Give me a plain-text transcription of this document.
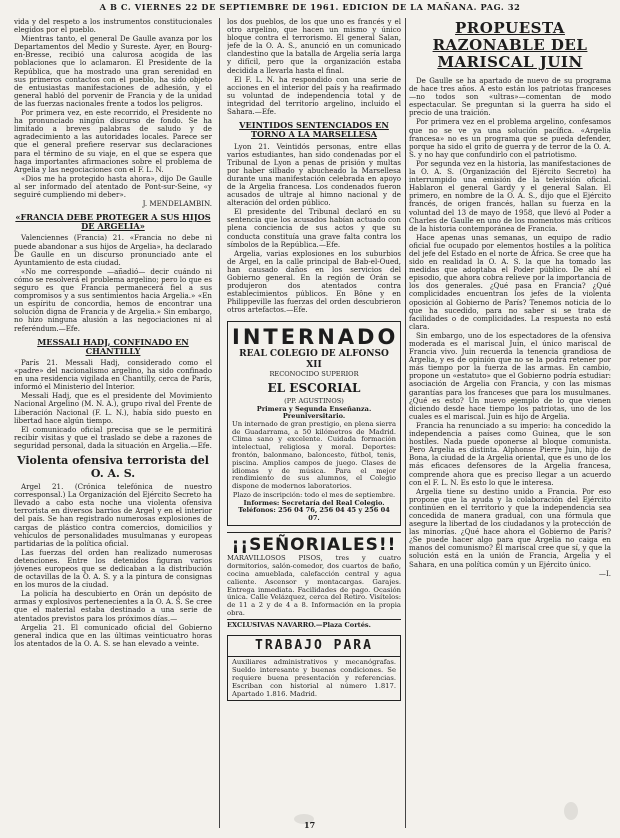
A B C. VIERNES 22 DE SEPTIEMBRE DE 1961. EDICION DE LA MAÑANA. PAG. 32

vida y del respeto a los instrumentos constitucionales elegidos por el pueblo.

Mientras tanto, el general De Gaulle avanza por los Departamentos del Medio y Sureste. Ayer, en Bourg-en-Bresse, recibió una calurosa acogida de las poblaciones que lo aclamaron. El Presidente de la República, que ha mostrado una gran serenidad en sus primeros contactos con el pueblo, ha sido objeto de entusiastas manifestaciones de adhesión, y el general habló del porvenir de Francia y de la unidad de las fuerzas nacionales frente a todos los peligros.

Por primera vez, en este recorrido, el Presidente no ha pronunciado ningún discurso de fondo. Se ha limitado a breves palabras de saludo y de agradecimiento a las autoridades locales. Parece ser que el general prefiere reservar sus declaraciones para el término de su viaje, en el que se espera que haga importantes afirmaciones sobre el problema de Argelia y las negociaciones con el F. L. N.

«Dios me ha protegido hasta ahora», dijo De Gaulle al ser informado del atentado de Pont-sur-Seine, «y seguiré cumpliendo mi deber».

J. MENDELAMBIN.
«FRANCIA DEBE PROTEGER A SUS HIJOS DE ARGELIA»

Valenciennes (Francia) 21. «Francia no debe ni puede abandonar a sus hijos de Argelia», ha declarado De Gaulle en un discurso pronunciado ante el Ayuntamiento de esta ciudad.

«No me corresponde —añadió— decir cuándo ni cómo se resolverá el problema argelino; pero lo que es seguro es que Francia permanecerá fiel a sus compromisos y a sus sentimientos hacia Argelia.» «En un espíritu de concordia, hemos de encontrar una solución digna de Francia y de Argelia.» Sin embargo, no hizo ninguna alusión a las negociaciones ni al referéndum.—Efe.

MESSALI HADJ, CONFINADO EN CHANTILLY

París 21. Messali Hadj, considerado como el «padre» del nacionalismo argelino, ha sido confinado en una residencia vigilada en Chantilly, cerca de París, informó el Ministerio del Interior.

Messali Hadj, que es el presidente del Movimiento Nacional Argelino (M. N. A.), grupo rival del Frente de Liberación Nacional (F. L. N.), había sido puesto en libertad hace algún tiempo.

El comunicado oficial precisa que se le permitirá recibir visitas y que el traslado se debe a razones de seguridad personal, dada la situación en Argelia.—Efe.

Violenta ofensiva terrorista del O. A. S.

Argel 21. (Crónica telefónica de nuestro corresponsal.) La Organización del Ejército Secreto ha llevado a cabo esta noche una violenta ofensiva terrorista en diversos barrios de Argel y en el interior del país. Se han registrado numerosas explosiones de cargas de plástico contra comercios, domicilios y vehículos de personalidades musulmanas y europeas partidarias de la política oficial.

Las fuerzas del orden han realizado numerosas detenciones. Entre los detenidos figuran varios jóvenes europeos que se dedicaban a la distribución de octavillas de la O. A. S. y a la pintura de consignas en los muros de la ciudad.

La policía ha descubierto en Orán un depósito de armas y explosivos pertenecientes a la O. A. S. Se cree que el material estaba destinado a una serie de atentados previstos para los próximos días.—

Argelia 21. El comunicado oficial del Gobierno general indica que en las últimas veinticuatro horas los atentados de la O. A. S. se han elevado a veinte.

los dos pueblos, de los que uno es francés y el otro argelino, que hacen un mismo y único bloque contra el terrorismo. El general Salan, jefe de la O. A. S., anunció en un comunicado clandestino que la batalla de Argelia sería larga y difícil, pero que la organización estaba decidida a llevarla hasta el final.

El F. L. N. ha respondido con una serie de acciones en el interior del país y ha reafirmado su voluntad de independencia total y de integridad del territorio argelino, incluido el Sahara.—Efe.

VEINTIDOS SENTENCIADOS EN TORNO A LA MARSELLESA

Lyon 21. Veintidós personas, entre ellas varios estudiantes, han sido condenadas por el Tribunal de Lyon a penas de prisión y multas por haber silbado y abucheado la Marsellesa durante una manifestación celebrada en apoyo de la Argelia francesa. Los condenados fueron acusados de ultraje al himno nacional y de alteración del orden público.

El presidente del Tribunal declaró en su sentencia que los acusados habían actuado con plena conciencia de sus actos y que su conducta constituía una grave falta contra los símbolos de la República.—Efe.

Argelia, varias explosiones en los suburbios de Argel, en la calle principal de Bab-el-Oued, han causado daños en los servicios del Gobierno general. En la región de Orán se produjeron dos atentados contra establecimientos públicos. En Bône y en Philippeville las fuerzas del orden descubrieron otros artefactos.—Efe.

INTERNADO
REAL COLEGIO DE ALFONSO XII
RECONOCIDO SUPERIOR
EL ESCORIAL
(PP. AGUSTINOS)
Primera y Segunda Enseñanza. Preuniversitario.

Un internado de gran prestigio, en plena sierra de Guadarrama, a 50 kilómetros de Madrid. Clima sano y excelente. Cuidada formación intelectual, religiosa y moral. Deportes: frontón, balonmano, baloncesto, fútbol, tenis, piscina. Amplios campos de juego. Clases de idiomas y de música. Para el mejor rendimiento de sus alumnos, el Colegio dispone de modernos laboratorios.

Plazo de inscripción: todo el mes de septiembre.
Informes: Secretaría del Real Colegio. Teléfonos: 256 04 76, 256 04 45 y 256 04 07.
¡¡SEÑORIALES!!

MARAVILLOSOS PISOS, tres y cuatro dormitorios, salón-comedor, dos cuartos de baño, cocina amueblada, calefacción central y agua caliente. Ascensor y montacargas. Garajes. Entrega inmediata. Facilidades de pago. Ocasión única. Calle Velázquez, cerca del Retiro. Visítelos: de 11 a 2 y de 4 a 8. Información en la propia obra.

EXCLUSIVAS NAVARRO.—Plaza Cortés.
TRABAJO PARA

Auxiliares administrativos y mecanógrafas. Sueldo interesante y buenas condiciones. Se requiere buena presentación y referencias. Escriban con historial al número 1.817. Apartado 1.816. Madrid.

PROPUESTA RAZONABLE DEL MARISCAL JUIN

De Gaulle se ha apartado de nuevo de su programa de hace tres años. A esto están los patriotas franceses—no todos son «ultras»—comentan de modo espectacular. Se preguntan si la guerra ha sido el precio de una traición.

Por primera vez en el problema argelino, confesamos que no se ve ya una solución pacífica. «Argelia francesa» no es un programa que se pueda defender, porque ha sido el grito de guerra y de terror de la O. A. S. y no hay que confundirlo con el patriotismo.

Por segunda vez en la historia, las manifestaciones de la O. A. S. (Organización del Ejército Secreto) ha interrumpido una emisión de la televisión oficial. Hablaron el general Gardy y el general Salan. El primero, en nombre de la O. A. S., dijo que el Ejército francés, de origen francés, hallan su fuerza en la voluntad del 13 de mayo de 1958, que llevó al Poder a Charles de Gaulle en uno de los momentos más críticos de la historia contemporánea de Francia.

Hace apenas unas semanas, un equipo de radio oficial fue ocupado por elementos hostiles a la política del jefe del Estado en el norte de África. Se cree que ha sido en realidad la O. A. S. la que ha tomado las medidas que adoptaba el Poder público. De ahí el episodio, que ahora cobra relieve por la importancia de los dos generales. ¿Qué pasa en Francia? ¿Qué complicidades encuentran los jefes de la violenta oposición al Gobierno de París? Tenemos noticia de lo que ha sucedido, para no saber si se trata de facilidades o de complicidades. La respuesta no está clara.

Sin embargo, uno de los espectadores de la ofensiva moderada es el mariscal Juin, el único mariscal de Francia vivo. Juin recuerda la tenencia grandiosa de Argelia, y es de opinión que no se la podrá retener por más tiempo por la fuerza de las armas. En cambio, propone un «estatuto» que el Gobierno podría estudiar: asociación de Argelia con Francia, y con las mismas garantías para los franceses que para los musulmanes. ¿Qué es esto? Un nuevo ejemplo de lo que vienen diciendo desde hace tiempo los patriotas, uno de los cuales es el mariscal. Juin es hijo de Argelia.

Francia ha renunciado a su imperio: ha concedido la independencia a países como Guinea, que le son hostiles. Nada puede oponerse al bloque comunista. Pero Argelia es distinta. Alphonse Pierre Juin, hijo de Bona, la ciudad de la Argelia oriental, que es uno de los más eficaces defensores de la Argelia francesa, comprende ahora que es preciso llegar a un acuerdo con el F. L. N. Es esto lo que le interesa.

Argelia tiene su destino unido a Francia. Por eso propone que la ayuda y la colaboración del Ejército continúen en el territorio y que la independencia sea concedida de manera gradual, con una fórmula que asegure la libertad de los ciudadanos y la protección de las minorías. ¿Qué hace ahora el Gobierno de París? ¿Se puede hacer algo para que Argelia no caiga en manos del comunismo? El mariscal cree que sí, y que la solución está en la unión de Francia, Argelia y el Sahara, en una política común y un Ejército único.

—I.
17
